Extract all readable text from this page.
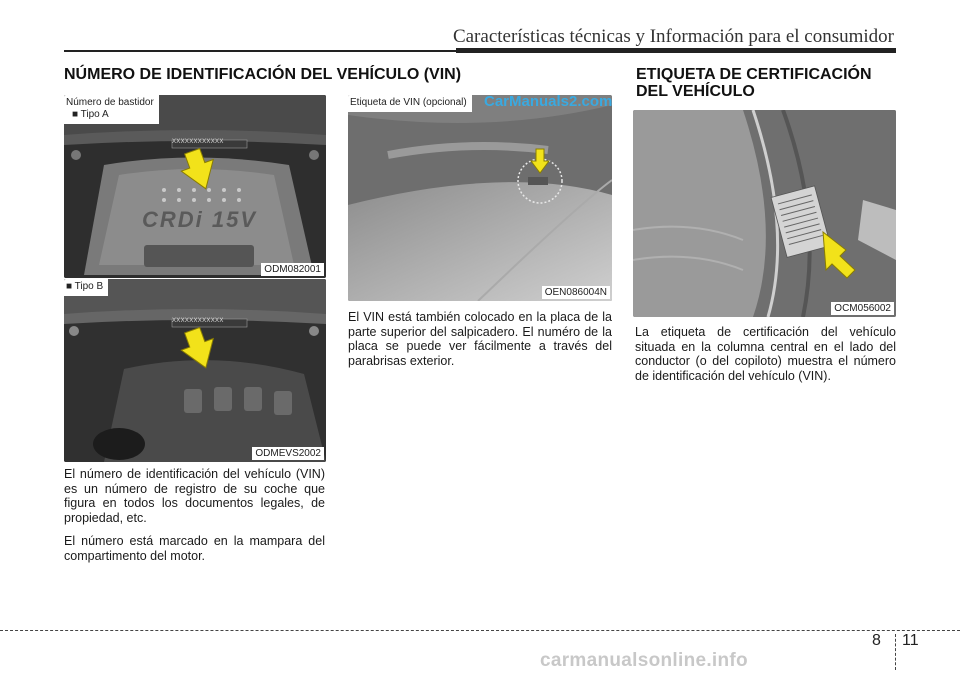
Características técnicas y Información para el consumidor
NÚMERO DE IDENTIFICACIÓN DEL VEHÍCULO (VIN)	ETIQUETA DE CERTIFICACIÓN
DEL VEHÍCULO
XXXXXXXXXXXX
CRDi 15V
Número de bastidor
■ Tipo A
ODM082001
XXXXXXXXXXXX
■ Tipo B
ODMEVS2002
Etiqueta de VIN (opcional)
OEN086004N
CarManuals2.com
OCM056002

El número de identificación del vehículo (VIN) es un número de registro de su coche que figura en todos los documentos legales, de propiedad, etc.

El número está marcado en la mampara del compartimento del motor.

El VIN está también colocado en la placa de la parte superior del salpicadero. El numéro de la placa se puede ver fácilmente a través del parabrisas exterior.

La etiqueta de certificación del vehículo situada en la columna central en el lado del conductor (o del copiloto) muestra el número de identificación del vehículo (VIN).

8 11
carmanualsonline.info
